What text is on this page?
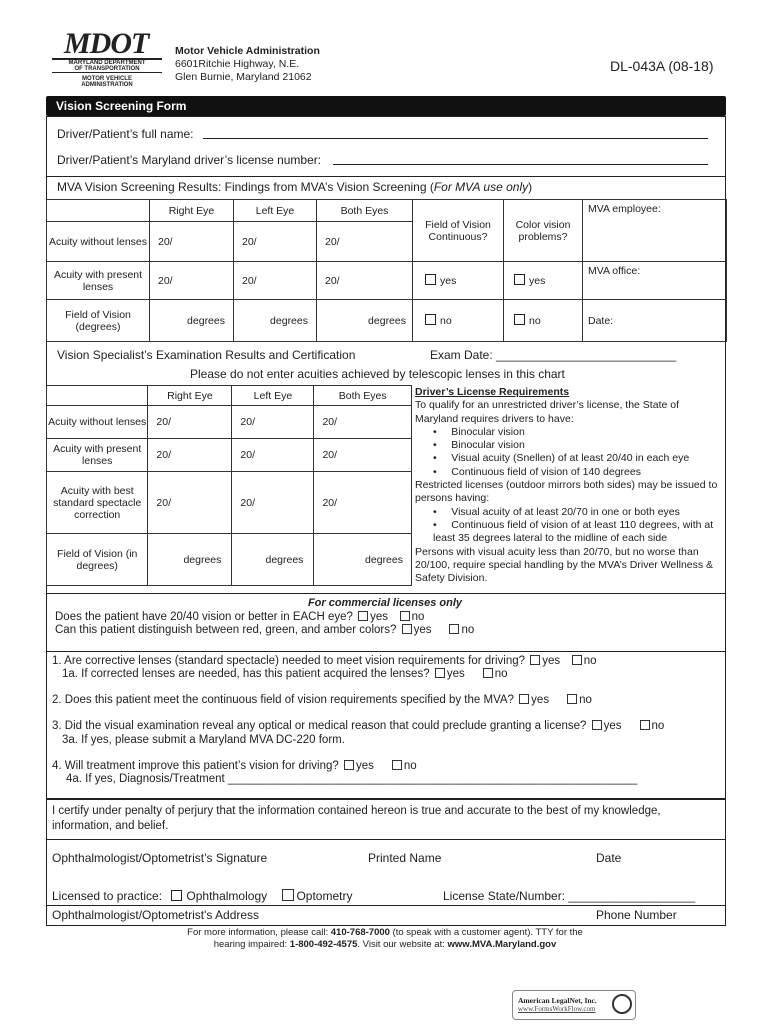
MDOT
MARYLAND DEPARTMENT
OF TRANSPORTATION
MOTOR VEHICLE
ADMINISTRATION
Motor Vehicle Administration
6601Ritchie Highway, N.E.
Glen Burnie, Maryland 21062
DL-043A (08-18)
Vision Screening Form
Driver/Patient’s full name:
Driver/Patient’s Maryland driver’s license number:
MVA Vision Screening Results: Findings from MVA’s Vision Screening (For MVA use only)
	Right Eye	Left Eye	Both Eyes	Field of Vision Continuous?	Color vision problems?	MVA employee:
Acuity without lenses	20/	20/	20/			
Acuity with present lenses	20/	20/	20/	yes	yes	MVA office:
Field of Vision (degrees)	degrees	degrees	degrees	no	no	Date:
Vision Specialist’s Examination Results and Certification	Exam Date: ___________________________
Please do not enter acuities achieved by telescopic lenses in this chart
	Right Eye	Left Eye	Both Eyes
Acuity without lenses	20/	20/	20/
Acuity with present lenses	20/	20/	20/
Acuity with best standard spectacle correction	20/	20/	20/
Field of Vision (in degrees)	degrees	degrees	degrees
Driver’s License Requirements
To qualify for an unrestricted driver’s license, the State of Maryland requires drivers to have:
•     Binocular vision
•     Binocular vision
•     Visual acuity (Snellen) of at least 20/40 in each eye
•     Continuous field of vision of 140 degrees
Restricted licenses (outdoor mirrors both sides) may be issued to persons having:
•     Visual acuity of at least 20/70 in one or both eyes
•     Continuous field of vision of at least 110 degrees, with at least 35 degrees lateral to the midline of each side
Persons with visual acuity less than 20/70, but no worse than 20/100, require special handling by the MVA’s Driver Wellness & Safety Division.
For commercial licenses only
Does the patient have 20/40 vision or better in EACH eye? yes no
Can this patient distinguish between red, green, and amber colors? yes	no
1. Are corrective lenses (standard spectacle) needed to meet vision requirements for driving? yes no
1a. If corrected lenses are needed, has this patient acquired the lenses? yes	no
2. Does this patient meet the continuous field of vision requirements specified by the MVA? yes	no
3. Did the visual examination reveal any optical or medical reason that could preclude granting a license? yes	no
3a. If yes, please submit a Maryland MVA DC-220 form.
4. Will treatment improve this patient’s vision for driving? yes	no
4a. If yes, Diagnosis/Treatment ________________________________________________________________
I certify under penalty of perjury that the information contained hereon is true and accurate to the best of my knowledge, information, and belief.
Ophthalmologist/Optometrist’s Signature	Printed Name	Date
Licensed to practice: Ophthalmology Optometry	License State/Number: ___________________
Ophthalmologist/Optometrist's Address	Phone Number
For more information, please call: 410-768-7000 (to speak with a customer agent). TTY for the
hearing impaired: 1-800-492-4575. Visit our website at: www.MVA.Maryland.gov
American LegalNet, Inc.
www.FormsWorkFlow.com
